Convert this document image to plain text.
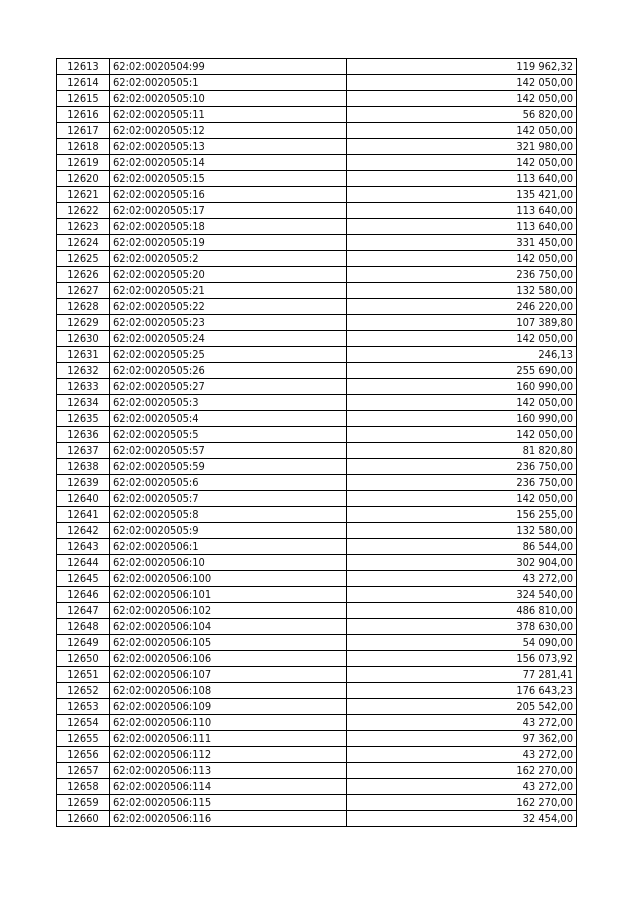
12613	62:02:0020504:99	119 962,32
12614	62:02:0020505:1	142 050,00
12615	62:02:0020505:10	142 050,00
12616	62:02:0020505:11	56 820,00
12617	62:02:0020505:12	142 050,00
12618	62:02:0020505:13	321 980,00
12619	62:02:0020505:14	142 050,00
12620	62:02:0020505:15	113 640,00
12621	62:02:0020505:16	135 421,00
12622	62:02:0020505:17	113 640,00
12623	62:02:0020505:18	113 640,00
12624	62:02:0020505:19	331 450,00
12625	62:02:0020505:2	142 050,00
12626	62:02:0020505:20	236 750,00
12627	62:02:0020505:21	132 580,00
12628	62:02:0020505:22	246 220,00
12629	62:02:0020505:23	107 389,80
12630	62:02:0020505:24	142 050,00
12631	62:02:0020505:25	246,13
12632	62:02:0020505:26	255 690,00
12633	62:02:0020505:27	160 990,00
12634	62:02:0020505:3	142 050,00
12635	62:02:0020505:4	160 990,00
12636	62:02:0020505:5	142 050,00
12637	62:02:0020505:57	81 820,80
12638	62:02:0020505:59	236 750,00
12639	62:02:0020505:6	236 750,00
12640	62:02:0020505:7	142 050,00
12641	62:02:0020505:8	156 255,00
12642	62:02:0020505:9	132 580,00
12643	62:02:0020506:1	86 544,00
12644	62:02:0020506:10	302 904,00
12645	62:02:0020506:100	43 272,00
12646	62:02:0020506:101	324 540,00
12647	62:02:0020506:102	486 810,00
12648	62:02:0020506:104	378 630,00
12649	62:02:0020506:105	54 090,00
12650	62:02:0020506:106	156 073,92
12651	62:02:0020506:107	77 281,41
12652	62:02:0020506:108	176 643,23
12653	62:02:0020506:109	205 542,00
12654	62:02:0020506:110	43 272,00
12655	62:02:0020506:111	97 362,00
12656	62:02:0020506:112	43 272,00
12657	62:02:0020506:113	162 270,00
12658	62:02:0020506:114	43 272,00
12659	62:02:0020506:115	162 270,00
12660	62:02:0020506:116	32 454,00
